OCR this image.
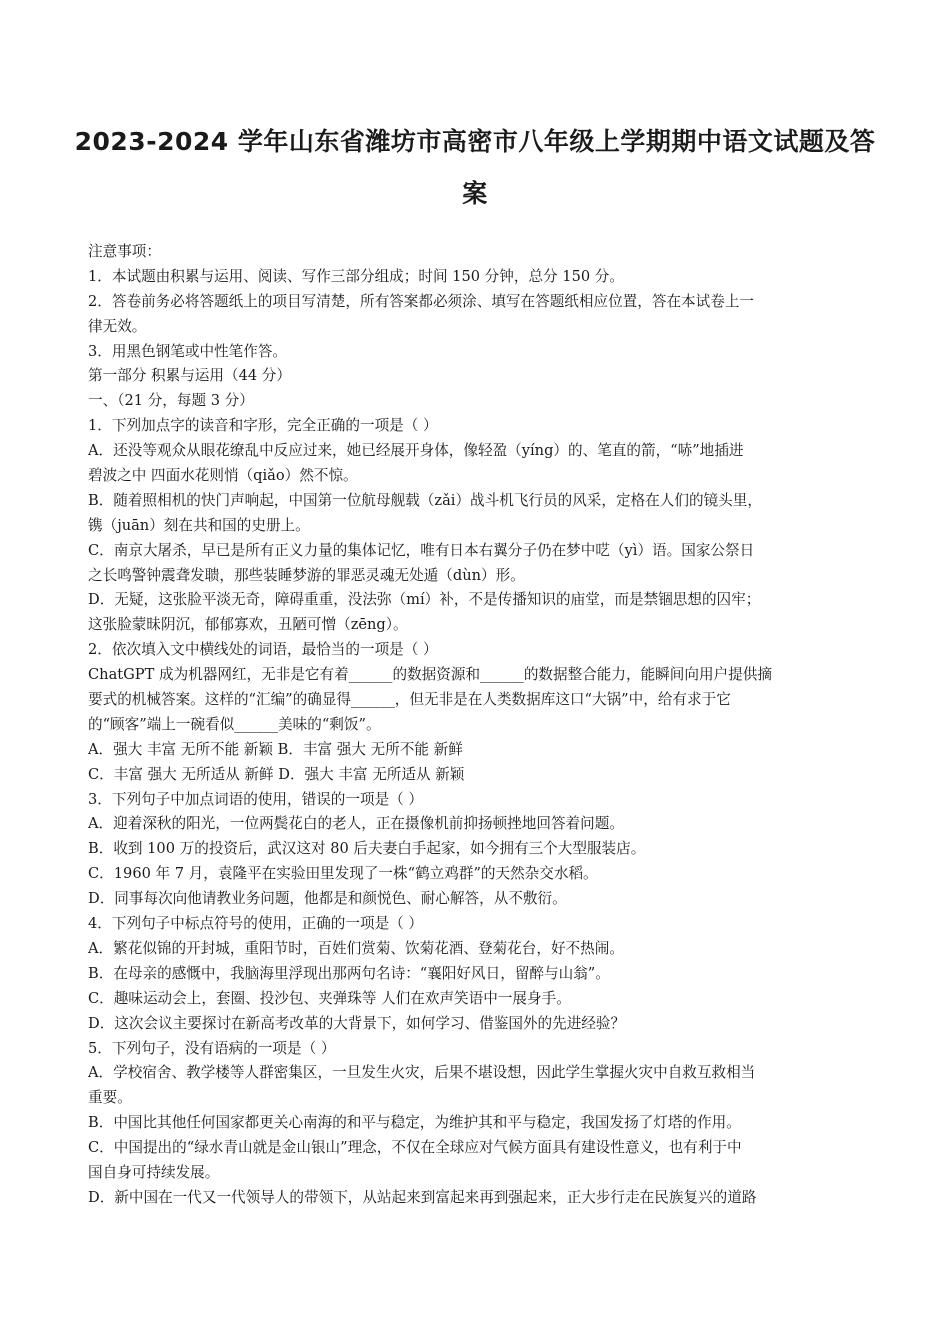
2023-2024 学年山东省潍坊市高密市八年级上学期期中语文试题及答
案
注意事项：
1．本试题由积累与运用、阅读、写作三部分组成；时间 150 分钟，总分 150 分。
2．答卷前务必将答题纸上的项目写清楚，所有答案都必须涂、填写在答题纸相应位置，答在本试卷上一
律无效。
3．用黑色钢笔或中性笔作答。
第一部分 积累与运用（44 分）
一、（21 分，每题 3 分）
1．下列加点字的读音和字形，完全正确的一项是（ ）
A．还没等观众从眼花缭乱中反应过来，她已经展开身体，像轻盈（yíng）的、笔直的箭，“哧”地插进
碧波之中 四面水花则悄（qiǎo）然不惊。
B．随着照相机的快门声响起，中国第一位航母舰载（zǎi）战斗机飞行员的风采，定格在人们的镜头里，
镌（juān）刻在共和国的史册上。
C．南京大屠杀，早已是所有正义力量的集体记忆，唯有日本右翼分子仍在梦中呓（yì）语。国家公祭日
之长鸣警钟震聋发聩，那些装睡梦游的罪恶灵魂无处遁（dùn）形。
D．无疑，这张脸平淡无奇，障碍重重，没法弥（mí）补，不是传播知识的庙堂，而是禁锢思想的囚牢；
这张脸蒙昧阴沉，郁郁寡欢，丑陋可憎（zēng）。
2．依次填入文中横线处的词语，最恰当的一项是（ ）
ChatGPT 成为机器网红，无非是它有着______的数据资源和______的数据整合能力，能瞬间向用户提供摘
要式的机械答案。这样的“汇编”的确显得______，但无非是在人类数据库这口“大锅”中，给有求于它
的“顾客”端上一碗看似______美味的“剩饭”。
A．强大 丰富 无所不能 新颖 B．丰富 强大 无所不能 新鲜
C．丰富 强大 无所适从 新鲜 D．强大 丰富 无所适从 新颖
3．下列句子中加点词语的使用，错误的一项是（ ）
A．迎着深秋的阳光，一位两鬓花白的老人，正在摄像机前抑扬顿挫地回答着问题。
B．收到 100 万的投资后，武汉这对 80 后夫妻白手起家，如今拥有三个大型服装店。
C．1960 年 7 月，袁隆平在实验田里发现了一株“鹤立鸡群”的天然杂交水稻。
D．同事每次向他请教业务问题，他都是和颜悦色、耐心解答，从不敷衍。
4．下列句子中标点符号的使用，正确的一项是（ ）
A．繁花似锦的开封城，重阳节时，百姓们赏菊、饮菊花酒、登菊花台，好不热闹。
B．在母亲的感慨中，我脑海里浮现出那两句名诗：“襄阳好风日，留醉与山翁”。
C．趣味运动会上，套圈、投沙包、夹弹珠等 人们在欢声笑语中一展身手。
D．这次会议主要探讨在新高考改革的大背景下，如何学习、借鉴国外的先进经验？
5．下列句子，没有语病的一项是（ ）
A．学校宿舍、教学楼等人群密集区，一旦发生火灾，后果不堪设想，因此学生掌握火灾中自救互救相当
重要。
B．中国比其他任何国家都更关心南海的和平与稳定，为维护其和平与稳定，我国发扬了灯塔的作用。
C．中国提出的“绿水青山就是金山银山”理念，不仅在全球应对气候方面具有建设性意义，也有利于中
国自身可持续发展。
D．新中国在一代又一代领导人的带领下，从站起来到富起来再到强起来，正大步行走在民族复兴的道路
